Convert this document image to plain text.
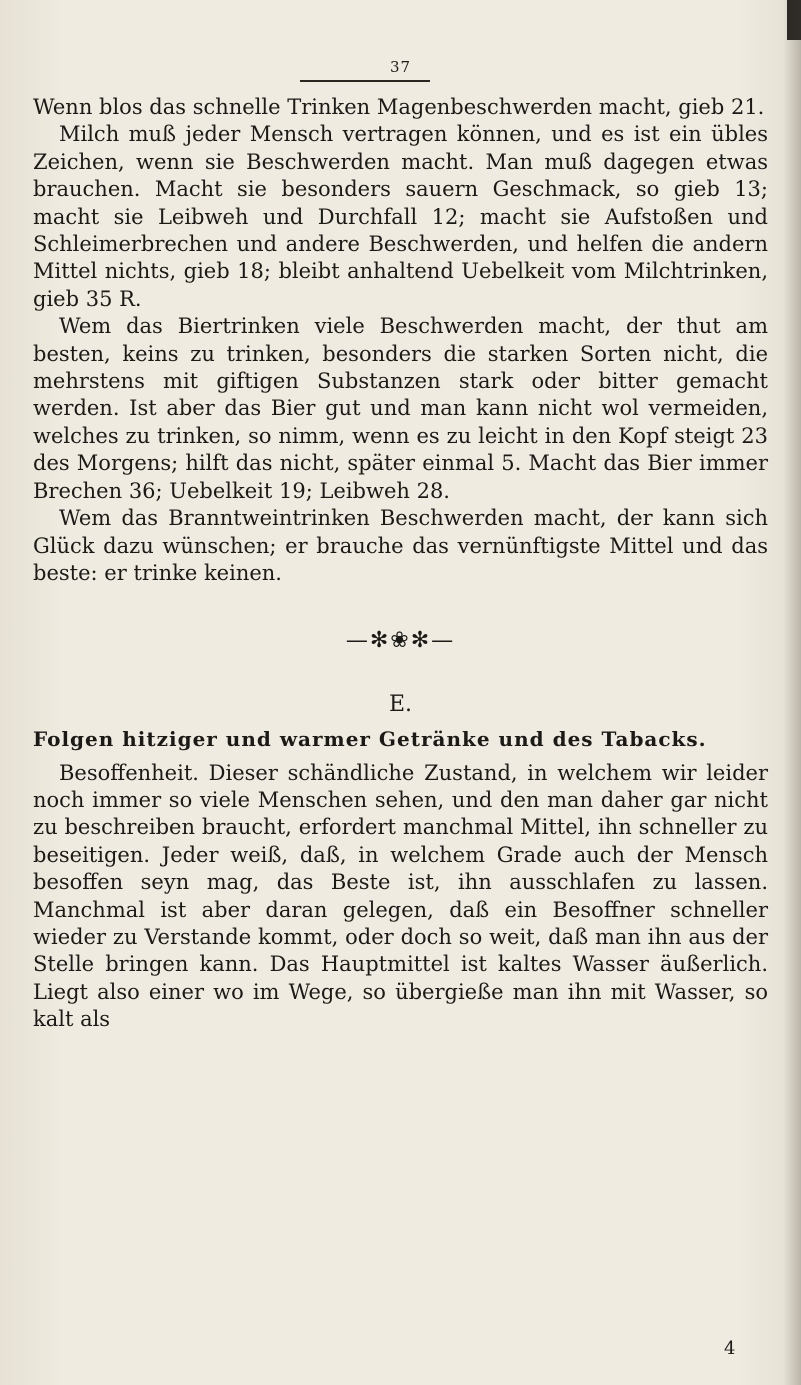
37

Wenn blos das schnelle Trinken Magenbeschwerden macht, gieb 21.

Milch muß jeder Mensch vertragen können, und es ist ein übles Zeichen, wenn sie Beschwerden macht. Man muß dagegen etwas brauchen. Macht sie besonders sauern Geschmack, so gieb 13; macht sie Leibweh und Durchfall 12; macht sie Aufstoßen und Schleimerbrechen und andere Beschwerden, und helfen die andern Mittel nichts, gieb 18; bleibt anhaltend Uebelkeit vom Milchtrinken, gieb 35 R.

Wem das Biertrinken viele Beschwerden macht, der thut am besten, keins zu trinken, besonders die starken Sorten nicht, die mehrstens mit giftigen Substanzen stark oder bitter gemacht werden. Ist aber das Bier gut und man kann nicht wol vermeiden, welches zu trinken, so nimm, wenn es zu leicht in den Kopf steigt 23 des Morgens; hilft das nicht, später einmal 5. Macht das Bier immer Brechen 36; Uebelkeit 19; Leibweh 28.

Wem das Branntweintrinken Beschwerden macht, der kann sich Glück dazu wünschen; er brauche das vernünftigste Mittel und das beste: er trinke keinen.

—✻❀✻—
E.
Folgen hitziger und warmer Getränke und des Tabacks.

Besoffenheit. Dieser schändliche Zustand, in welchem wir leider noch immer so viele Menschen sehen, und den man daher gar nicht zu beschreiben braucht, erfordert manchmal Mittel, ihn schneller zu beseitigen. Jeder weiß, daß, in welchem Grade auch der Mensch besoffen seyn mag, das Beste ist, ihn ausschlafen zu lassen. Manchmal ist aber daran gelegen, daß ein Besoffner schneller wieder zu Verstande kommt, oder doch so weit, daß man ihn aus der Stelle bringen kann. Das Hauptmittel ist kaltes Wasser äußerlich. Liegt also einer wo im Wege, so übergieße man ihn mit Wasser, so kalt als

4
